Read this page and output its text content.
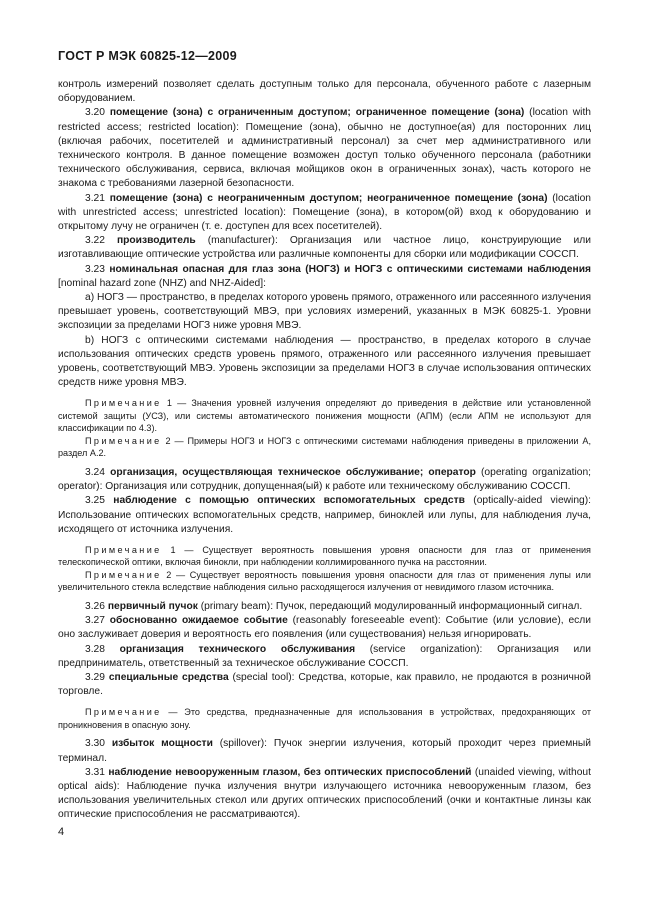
ГОСТ Р МЭК 60825-12—2009

контроль измерений позволяет сделать доступным только для персонала, обученного работе с лазерным оборудованием.

3.20 помещение (зона) с ограниченным доступом; ограниченное помещение (зона) (location with restricted access; restricted location): Помещение (зона), обычно не доступное(ая) для посторонних лиц (включая рабочих, посетителей и административный персонал) за счет мер административного или технического контроля. В данное помещение возможен доступ только обученного персонала (работники технического обслуживания, сервиса, включая мойщиков окон в ограниченных зонах), часть которого не знакома с требованиями лазерной безопасности.

3.21 помещение (зона) с неограниченным доступом; неограниченное помещение (зона) (location with unrestricted access; unrestricted location): Помещение (зона), в котором(ой) вход к оборудованию и открытому лучу не ограничен (т. е. доступен для всех посетителей).

3.22 производитель (manufacturer): Организация или частное лицо, конструирующие или изготавливающие оптические устройства или различные компоненты для сборки или модификации СОССП.

3.23 номинальная опасная для глаз зона (НОГЗ) и НОГЗ с оптическими системами наблюдения [nominal hazard zone (NHZ) and NHZ-Aided]:

a) НОГЗ — пространство, в пределах которого уровень прямого, отраженного или рассеянного излучения превышает уровень, соответствующий МВЭ, при условиях измерений, указанных в МЭК 60825-1. Уровни экспозиции за пределами НОГЗ ниже уровня МВЭ.

b) НОГЗ с оптическими системами наблюдения — пространство, в пределах которого в случае использования оптических средств уровень прямого, отраженного или рассеянного излучения превышает уровень, соответствующий МВЭ. Уровень экспозиции за пределами НОГЗ в случае использования оптических средств ниже уровня МВЭ.

Примечание 1 — Значения уровней излучения определяют до приведения в действие или установленной системой защиты (УСЗ), или системы автоматического понижения мощности (АПМ) (если АПМ не используют для классификации по 4.3).

Примечание 2 — Примеры НОГЗ и НОГЗ с оптическими системами наблюдения приведены в приложении А, раздел А.2.

3.24 организация, осуществляющая техническое обслуживание; оператор (operating organization; operator): Организация или сотрудник, допущенная(ый) к работе или техническому обслуживанию СОССП.

3.25 наблюдение с помощью оптических вспомогательных средств (optically-aided viewing): Использование оптических вспомогательных средств, например, биноклей или лупы, для наблюдения луча, исходящего от источника излучения.

Примечание 1 — Существует вероятность повышения уровня опасности для глаз от применения телескопической оптики, включая бинокли, при наблюдении коллимированного пучка на расстоянии.

Примечание 2 — Существует вероятность повышения уровня опасности для глаз от применения лупы или увеличительного стекла вследствие наблюдения сильно расходящегося излучения от невидимого глазом источника.

3.26 первичный пучок (primary beam): Пучок, передающий модулированный информационный сигнал.

3.27 обоснованно ожидаемое событие (reasonably foreseeable event): Событие (или условие), если оно заслуживает доверия и вероятность его появления (или существования) нельзя игнорировать.

3.28 организация технического обслуживания (service organization): Организация или предприниматель, ответственный за техническое обслуживание СОССП.

3.29 специальные средства (special tool): Средства, которые, как правило, не продаются в розничной торговле.

Примечание — Это средства, предназначенные для использования в устройствах, предохраняющих от проникновения в опасную зону.

3.30 избыток мощности (spillover): Пучок энергии излучения, который проходит через приемный терминал.

3.31 наблюдение невооруженным глазом, без оптических приспособлений (unaided viewing, without optical aids): Наблюдение пучка излучения внутри излучающего источника невооруженным глазом, без использования увеличительных стекол или других оптических приспособлений (очки и контактные линзы как оптические приспособления не рассматриваются).

4
